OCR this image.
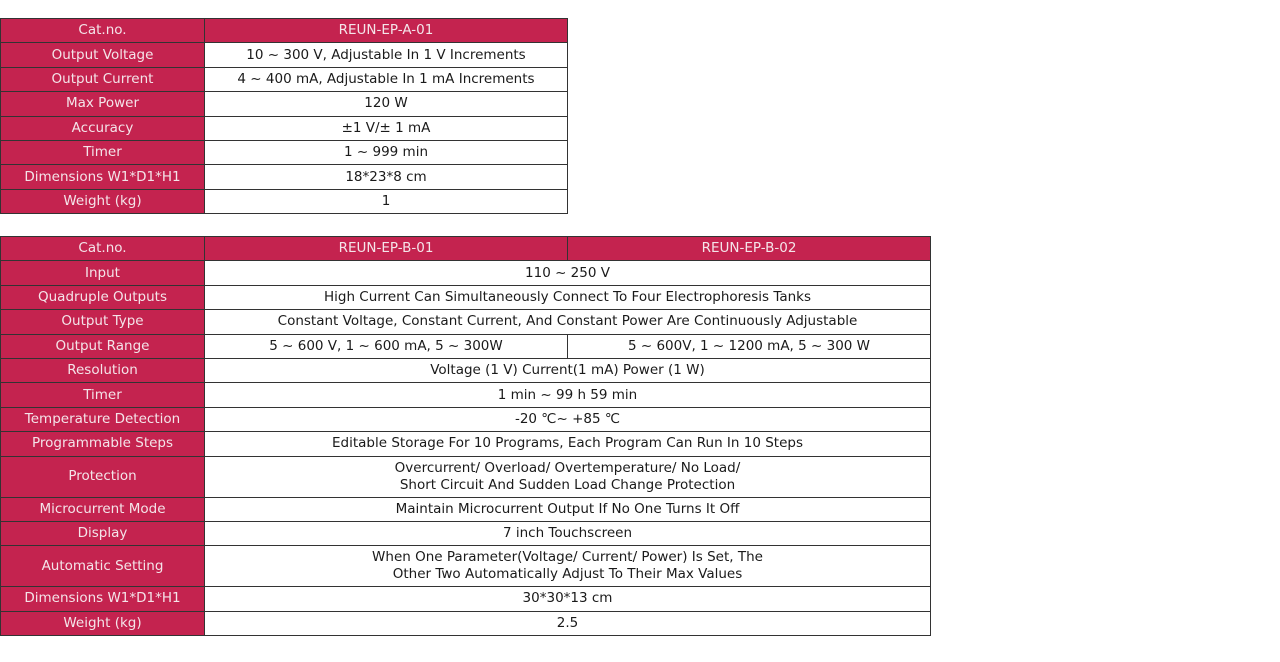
Cat.no.	REUN-EP-A-01
Output Voltage	10 ~ 300 V, Adjustable In 1 V Increments
Output Current	4 ~ 400 mA, Adjustable In 1 mA Increments
Max Power	120 W
Accuracy	±1 V/± 1 mA
Timer	1 ~ 999 min
Dimensions W1*D1*H1	18*23*8 cm
Weight (kg)	1
Cat.no.	REUN-EP-B-01	REUN-EP-B-02
Input	110 ~ 250 V	
Quadruple Outputs	High Current Can Simultaneously Connect To Four Electrophoresis Tanks	
Output Type	Constant Voltage, Constant Current, And Constant Power Are Continuously Adjustable	
Output Range	5 ~ 600 V, 1 ~ 600 mA, 5 ~ 300W	5 ~ 600V, 1 ~ 1200 mA, 5 ~ 300 W
Resolution	Voltage (1 V) Current(1 mA) Power (1 W)	
Timer	1 min ~ 99 h 59 min	
Temperature Detection	-20 ℃~ +85 ℃	
Programmable Steps	Editable Storage For 10 Programs, Each Program Can Run In 10 Steps	
Protection	Overcurrent/ Overload/ Overtemperature/ No Load/
Short Circuit And Sudden Load Change Protection	
Microcurrent Mode	Maintain Microcurrent Output If No One Turns It Off	
Display	7 inch Touchscreen	
Automatic Setting	When One Parameter(Voltage/ Current/ Power) Is Set, The
Other Two Automatically Adjust To Their Max Values	
Dimensions W1*D1*H1	30*30*13 cm	
Weight (kg)	2.5	
